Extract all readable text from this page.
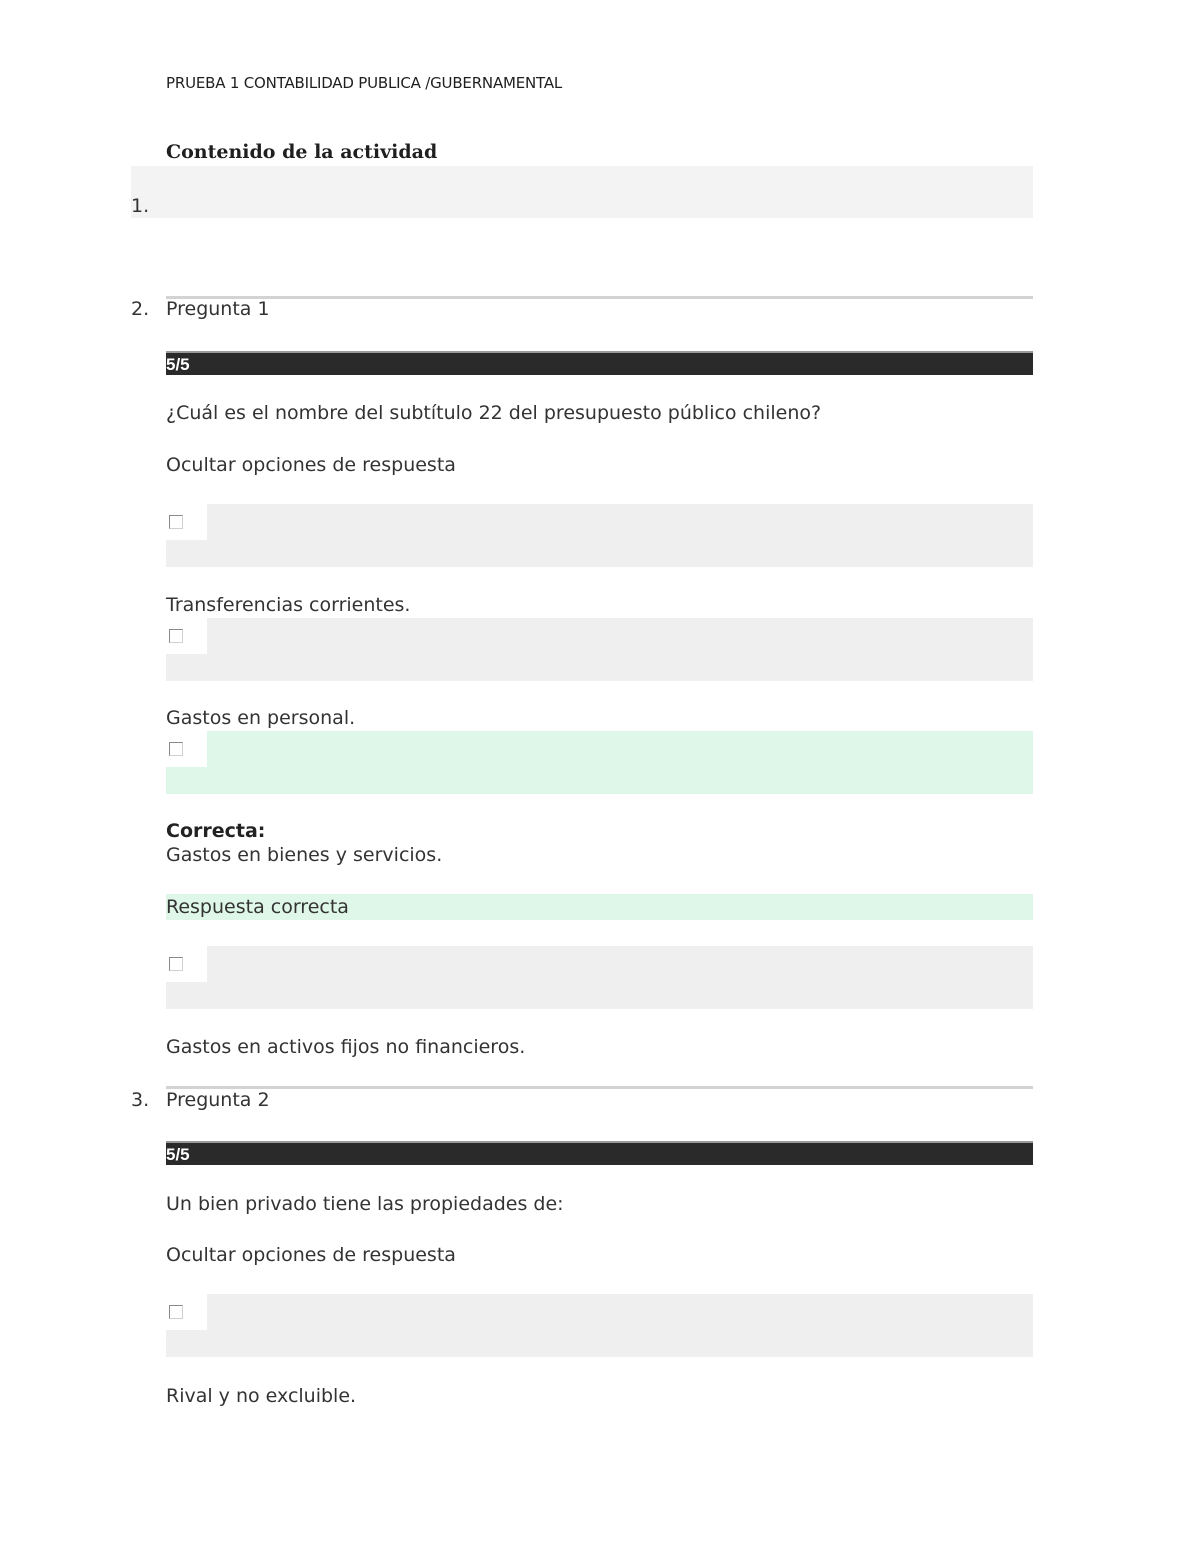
PRUEBA 1 CONTABILIDAD PUBLICA /GUBERNAMENTAL
Contenido de la actividad
1.
2. Pregunta 1
5/5
¿Cuál es el nombre del subtítulo 22 del presupuesto público chileno?
Ocultar opciones de respuesta
Transferencias corrientes.
Gastos en personal.
Correcta:
Gastos en bienes y servicios.
Respuesta correcta
Gastos en activos fijos no financieros.
3. Pregunta 2
5/5
Un bien privado tiene las propiedades de:
Ocultar opciones de respuesta
Rival y no excluible.
